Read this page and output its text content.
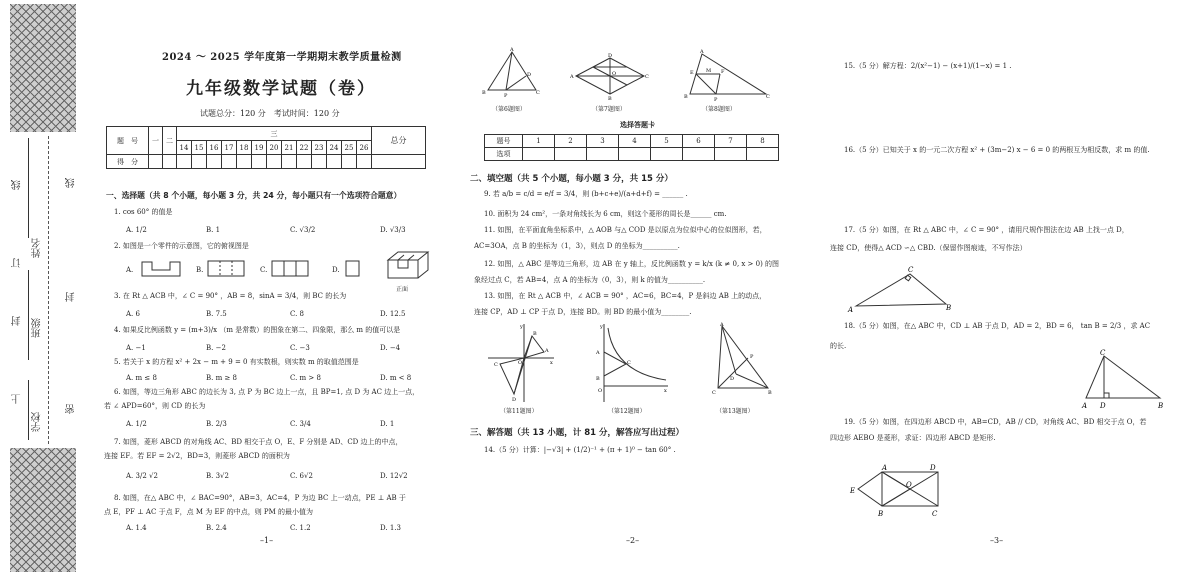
姓名
班级
学校
线
封
上
订
线
封
密
2024 ～ 2025 学年度第一学期期末教学质量检测
九年级数学试题（卷）
试题总分：120 分　考试时间：120 分
题　号	一	二	三													总分
			14	15	16	17	18	19	20	21	22	23	24	25	26	
得　分																
一、选择题（共 8 个小题，每小题 3 分，共 24 分，每小题只有一个选项符合题意）
1. cos 60° 的值是
A. 1/2	B. 1	C. √3/2	D. √3/3
2. 如图是一个零件的示意图，它的俯视图是
A.	B.	C.	D.
正面
3. 在 Rt △ ACB 中，∠ C = 90° ，AB = 8，sinA = 3/4，则 BC 的长为
A. 6	B. 7.5	C. 8	D. 12.5
4. 如果反比例函数 y = (m+3)/x （m 是常数）的图象在第二、四象限，那么 m 的值可以是
A. −1	B. −2	C. −3	D. −4
5. 若关于 x 的方程 x² + 2x − m + 9 = 0 有实数根，则实数 m 的取值范围是
A. m ≤ 8	B. m ≥ 8	C. m > 8	D. m < 8
6. 如图，等边三角形 ABC 的边长为 3, 点 P 为 BC 边上一点，且 BP=1, 点 D 为 AC 边上一点，
若 ∠ APD=60°，则 CD 的长为
A. 1/2	B. 2/3	C. 3/4	D. 1
7. 如图，菱形 ABCD 的对角线 AC、BD 相交于点 O，E、F 分别是 AD、CD 边上的中点，
连接 EF。若 EF = 2√2，BD=3，则菱形 ABCD 的面积为
A. 3/2 √2	B. 3√2	C. 6√2	D. 12√2
8. 如图，在△ ABC 中，∠ BAC=90°，AB=3，AC=4，P 为边 BC 上一动点，PE ⊥ AB 于
点 E，PF ⊥ AC 于点 F，点 M 为 EF 的中点，则 PM 的最小值为
A. 1.4	B. 2.4	C. 1.2	D. 1.3
–1–
A
B	C
P
D
（第6题图）
A
D
C
B
O
（第7题图）
A
B	C
E	F
M
P
（第8题图）
选择答题卡
题号	1	2	3	4	5	6	7	8
选项								
二、填空题（共 5 个小题，每小题 3 分，共 15 分）
9. 若 a/b = c/d = e/f = 3/4，则 (b+c+e)/(a+d+f) = ______ .
10. 面积为 24 cm²，一条对角线长为 6 cm，则这个菱形的周长是______ cm.
11. 如图，在平面直角坐标系中，△ AOB 与△ COD 是以原点为位似中心的位似图形，若，
AC=3OA，点 B 的坐标为（1，3），则点 D 的坐标为__________.
12. 如图，△ ABC 是等边三角形，边 AB 在 y 轴上，反比例函数 y = k/x (k ≠ 0, x > 0) 的图
象经过点 C，若 AB=4，点 A 的坐标为（0，3），则 k 的值为__________.
13. 如图，在 Rt △ ACB 中，∠ ACB = 90° ，AC=6，BC=4，P 是斜边 AB 上的动点，
连接 CP，AD ⊥ CP 于点 D，连接 BD。则 BD 的最小值为________.
y
x
B
A
C
D
O
（第11题图）
y
x
A
B
C
O
（第12题图）
A
C	B
P
D
（第13题图）
三、解答题（共 13 小题，计 81 分，解答应写出过程）
14.（5 分）计算：|−√3| + (1/2)⁻¹ + (π + 1)⁰ − tan 60° .
–2–
15.（5 分）解方程：2/(x²−1) − (x+1)/(1−x) = 1 .
16.（5 分）已知关于 x 的一元二次方程 x² + (3m−2) x − 6 = 0 的两根互为相反数，求 m 的值.
17.（5 分）如图，在 Rt △ ABC 中，∠ C = 90° ，请用尺规作图法在边 AB 上找一点 D，
连接 CD，使得△ ACD ∽△ CBD.（保留作图痕迹，不写作法）
A
C
B
18.（5 分）如图，在△ ABC 中，CD ⊥ AB 于点 D，AD = 2，BD = 6， tan B = 2/3 ，求 AC
的长.
A D	B
C
19.（5 分）如图，在四边形 ABCD 中，AB=CD，AB // CD，对角线 AC、BD 相交于点 O，若
四边形 AEBO 是菱形，求证：四边形 ABCD 是矩形.
A	D
E
O
B	C
–3–
